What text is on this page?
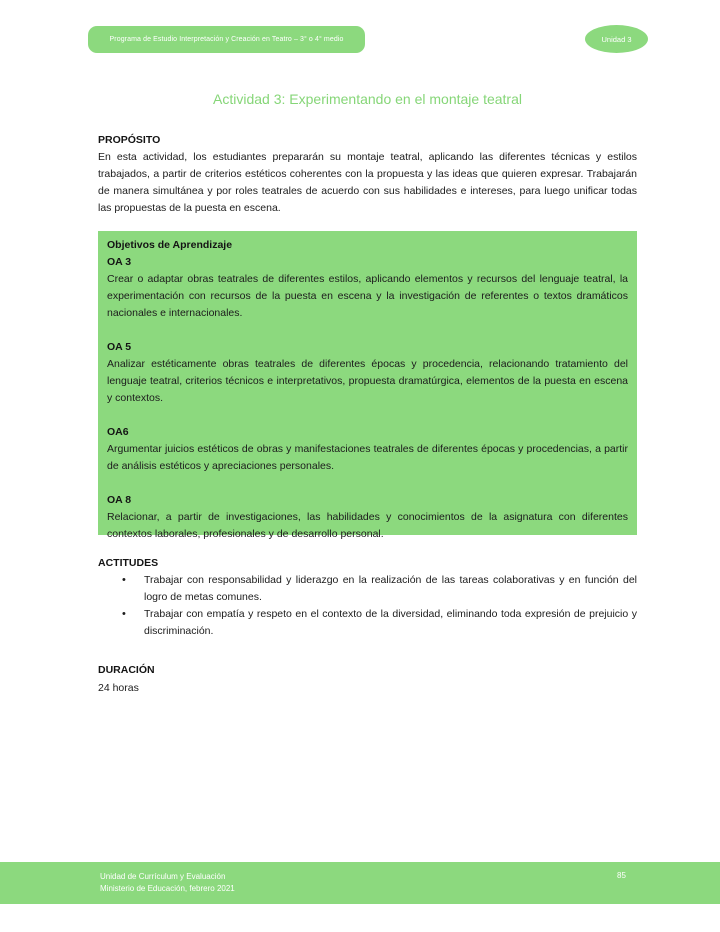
Programa de Estudio Interpretación y Creación en Teatro – 3° o 4° medio	Unidad 3
Actividad 3: Experimentando en el montaje teatral
PROPÓSITO

En esta actividad, los estudiantes prepararán su montaje teatral, aplicando las diferentes técnicas y estilos trabajados, a partir de criterios estéticos coherentes con la propuesta y las ideas que quieren expresar. Trabajarán de manera simultánea y por roles teatrales de acuerdo con sus habilidades e intereses, para luego unificar todas las propuestas de la puesta en escena.

Objetivos de Aprendizaje
OA 3

Crear o adaptar obras teatrales de diferentes estilos, aplicando elementos y recursos del lenguaje teatral, la experimentación con recursos de la puesta en escena y la investigación de referentes o textos dramáticos nacionales e internacionales.

OA 5

Analizar estéticamente obras teatrales de diferentes épocas y procedencia, relacionando tratamiento del lenguaje teatral, criterios técnicos e interpretativos, propuesta dramatúrgica, elementos de la puesta en escena y contextos.

OA6

Argumentar juicios estéticos de obras y manifestaciones teatrales de diferentes épocas y procedencias, a partir de análisis estéticos y apreciaciones personales.

OA 8

Relacionar, a partir de investigaciones, las habilidades y conocimientos de la asignatura con diferentes contextos laborales, profesionales y de desarrollo personal.

ACTITUDES
• Trabajar con responsabilidad y liderazgo en la realización de las tareas colaborativas y en función del logro de metas comunes.
• Trabajar con empatía y respeto en el contexto de la diversidad, eliminando toda expresión de prejuicio y discriminación.
DURACIÓN

24 horas

Unidad de Currículum y Evaluación
Ministerio de Educación, febrero 2021
85
